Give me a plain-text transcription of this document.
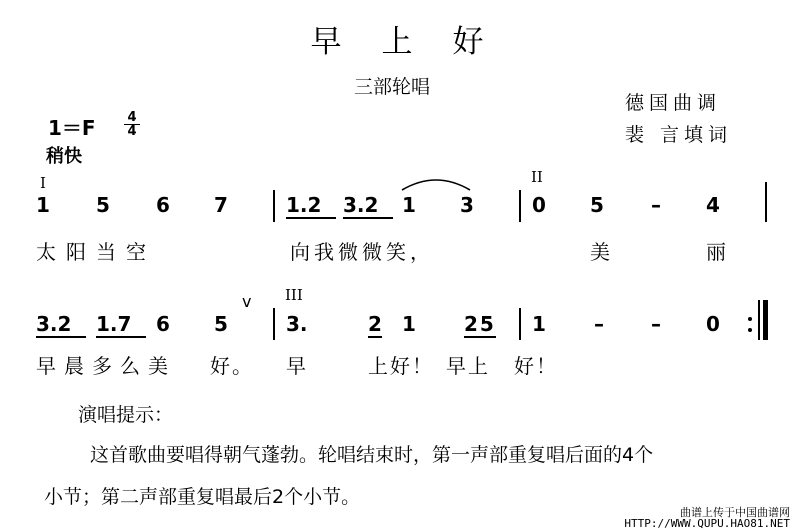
早上好
三部轮唱
德国曲调
裴 言填词
1＝F	4
4
稍快
I	II
1 5 6 7	1.2 3.2 1 3	0 5 – 4
太阳当空	向我微微笑，	美	丽
III
3.2 1.7 6 5
v
3.	2 1 25 1 – – 0
早晨多么美 好。 早	上好！ 早上 好！
演唱提示：
这首歌曲要唱得朝气蓬勃。轮唱结束时，第一声部重复唱后面的4个
小节；第二声部重复唱最后2个小节。
曲谱上传于中国曲谱网
HTTP://WWW.QUPU.HAO81.NET
